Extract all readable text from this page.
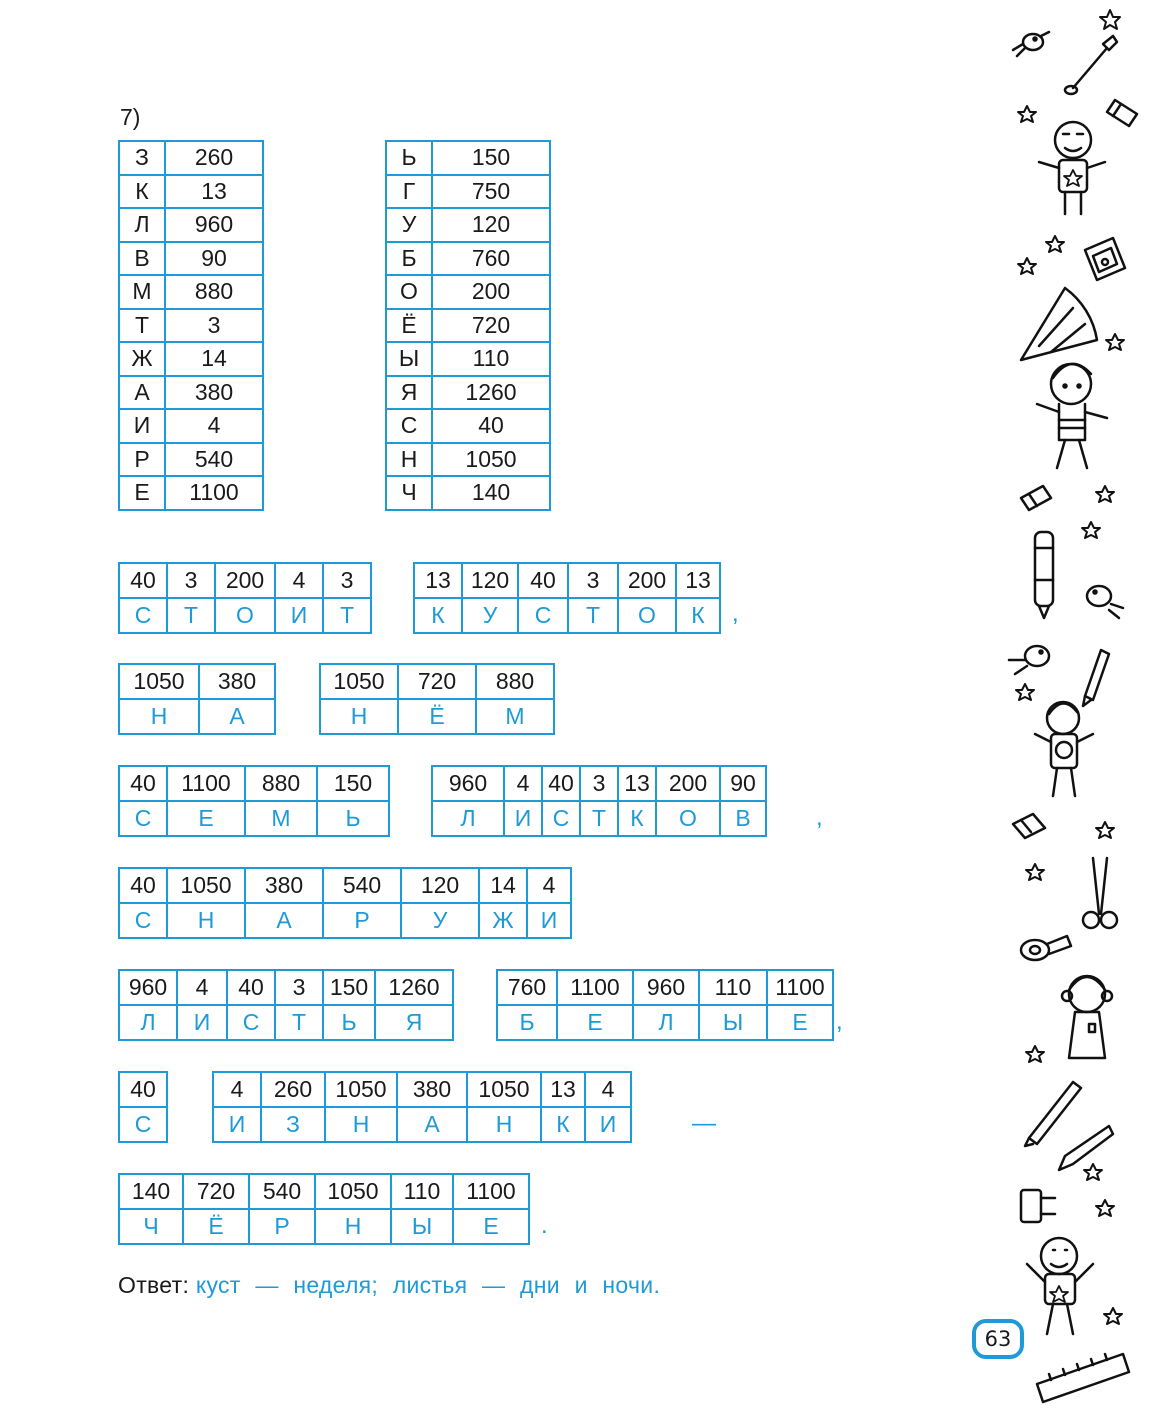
7)
З	260
К	13
Л	960
В	90
М	880
Т	3
Ж	14
А	380
И	4
Р	540
Е	1100
Ь	150
Г	750
У	120
Б	760
О	200
Ё	720
Ы	110
Я	1260
С	40
Н	1050
Ч	140
40	3	200	4	3
С	Т	О	И	Т
13	120	40	3	200	13
К	У	С	Т	О	К ,
1050	380
Н	А
1050	720	880
Н	Ё	М
40	1100	880	150
С	Е	М	Ь
960	4	40	3	13	200	90
Л	И	С	Т	К	О	В	,
40	1050	380	540	120	14	4
С	Н	А	Р	У	Ж	И
960	4	40	3	150	1260
Л	И	С	Т	Ь	Я
760	1100	960	110	1100
Б	Е	Л	Ы	Е ,
40
С
4	260	1050	380	1050	13	4
И	З	Н	А	Н	К	И	—
140	720	540	1050	110	1100
Ч	Ё	Р	Н	Ы	Е .
Ответ: куст — неделя; листья — дни и ночи.
63
